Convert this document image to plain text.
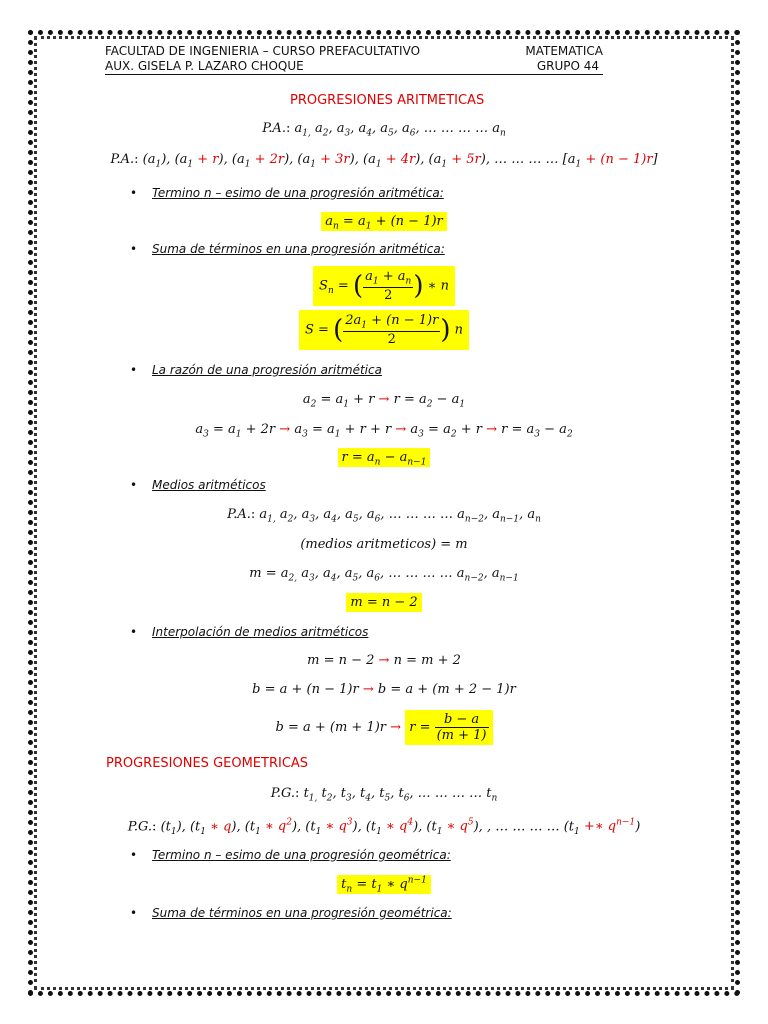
FACULTAD DE INGENIERIA – CURSO PREFACULTATIVO	MATEMATICA
AUX. GISELA P. LAZARO CHOQUE	GRUPO 44
PROGRESIONES ARITMETICAS
P.A.: $a_{1,}$ $a_2$, $a_3$, $a_4$, $a_5$, $a_6$, … … … … $a_n$
P.A.: $(a_1)$, $(a_1 + r)$, $(a_1 + 2r)$, $(a_1 + 3r)$, $(a_1 + 4r)$, $(a_1 + 5r)$, … … … … $[a_1 + (n - 1)r]$
• Termino n – esimo de una progresión aritmética:
$a_n = a_1 + (n - 1)r$
• Suma de términos en una progresión aritmética:
$S_n$ = ( $\frac{a_1 + a_n}{2}$ ) ∗ n
S = ( $\frac{2a_1 + (n - 1)r}{2}$ ) n
• La razón de una progresión aritmética
$a_2 = a_1 + r \to r = a_2 - a_1$
$a_3 = a_1 + 2r \to a_3 = a_1 + r + r \to a_3 = a_2 + r \to r = a_3 - a_2$
$r = a_n - a_{n-1}$
• Medios aritméticos
P.A.: $a_{1,}$ $a_2$, $a_3$, $a_4$, $a_5$, $a_6$, … … … … $a_{n-2}$, $a_{n-1}$, $a_n$
(medios aritmeticos) = m
$m = a_{2,}$ $a_3$, $a_4$, $a_5$, $a_6$, … … … … $a_{n-2}$, $a_{n-1}$
m = n − 2
• Interpolación de medios aritméticos
m = n − 2 → n = m + 2
b = a + (n − 1)r → b = a + (m + 2 − 1)r
$b = a + (m + 1)r \to r = \frac{b - a}{(m + 1)}$
PROGRESIONES GEOMETRICAS
P.G.: $t_{1,}$ $t_2$, $t_3$, $t_4$, $t_5$, $t_6$, … … … … $t_n$
P.G.: $(t_1)$, ($t_1$ ∗ q), ($t_1$ ∗ $q^2$), ($t_1$ ∗ $q^3$), ($t_1$ ∗ $q^4$), ($t_1$ ∗ $q^5$), , … … … … ($t_1$ +∗ $q^{n-1}$)
• Termino n – esimo de una progresión geométrica:
$t_n = t_1$ ∗ $q^{n-1}$
• Suma de términos en una progresión geométrica:
